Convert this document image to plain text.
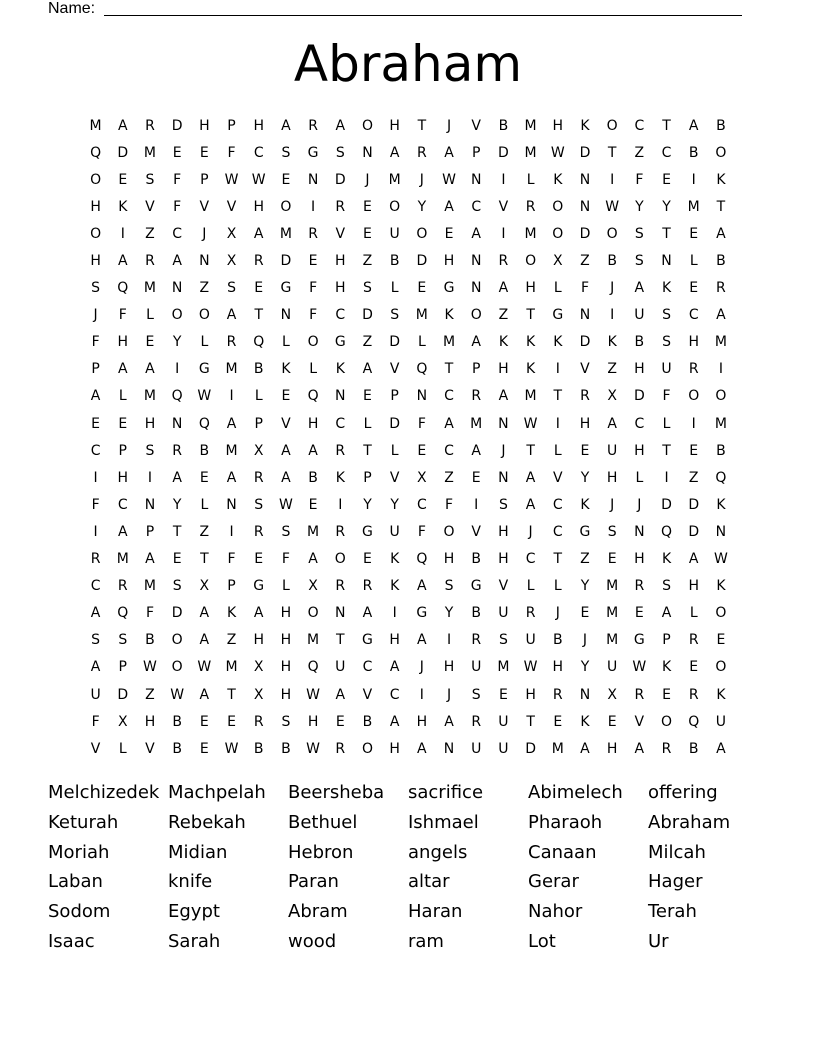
Name:
Abraham
M	A	R	D	H	P	H	A	R	A	O	H	T	J	V	B	M	H	K	O	C	T	A	B
Q	D	M	E	E	F	C	S	G	S	N	A	R	A	P	D	M	W	D	T	Z	C	B	O
O	E	S	F	P	W W	E	N	D	J	M	J	W	N	I	L	K	N	I	F	E	I	K
H	K	V	F	V	V	H	O	I	R	E	O	Y	A	C	V	R	O	N	W	Y	Y	M	T
O	I	Z	C	J	X	A	M	R	V	E	U	O	E	A	I	M	O	D	O	S	T	E	A
H	A	R	A	N	X	R	D	E	H	Z	B	D	H	N	R	O	X	Z	B	S	N	L	B
S	Q	M	N	Z	S	E	G	F	H	S	L	E	G	N	A	H	L	F	J	A	K	E	R
J	F	L	O	O	A	T	N	F	C	D	S	M	K	O	Z	T	G	N	I	U	S	C	A
F	H	E	Y	L	R	Q	L	O	G	Z	D	L	M	A	K	K	K	D	K	B	S	H	M
P	A	A	I	G	M	B	K	L	K	A	V	Q	T	P	H	K	I	V	Z	H	U	R	I
A	L	M	Q	W	I	L	E	Q	N	E	P	N	C	R	A	M	T	R	X	D	F	O	O
E	E	H	N	Q	A	P	V	H	C	L	D	F	A	M	N	W	I	H	A	C	L	I	M
C	P	S	R	B	M	X	A	A	R	T	L	E	C	A	J	T	L	E	U	H	T	E	B
I	H	I	A	E	A	R	A	B	K	P	V	X	Z	E	N	A	V	Y	H	L	I	Z	Q
F	C	N	Y	L	N	S	W	E	I	Y	Y	C	F	I	S	A	C	K	J	J	D	D	K
I	A	P	T	Z	I	R	S	M	R	G	U	F	O	V	H	J	C	G	S	N	Q	D	N
R	M	A	E	T	F	E	F	A	O	E	K	Q	H	B	H	C	T	Z	E	H	K	A	W
C	R	M	S	X	P	G	L	X	R	R	K	A	S	G	V	L	L	Y	M	R	S	H	K
A	Q	F	D	A	K	A	H	O	N	A	I	G	Y	B	U	R	J	E	M	E	A	L	O
S	S	B	O	A	Z	H	H	M	T	G	H	A	I	R	S	U	B	J	M	G	P	R	E
A	P	W	O	W	M	X	H	Q	U	C	A	J	H	U	M	W	H	Y	U	W	K	E	O
U	D	Z	W	A	T	X	H	W	A	V	C	I	J	S	E	H	R	N	X	R	E	R	K
F	X	H	B	E	E	R	S	H	E	B	A	H	A	R	U	T	E	K	E	V	O	Q	U
V	L	V	B	E	W	B	B	W	R	O	H	A	N	U	U	D	M	A	H	A	R	B	A
Melchizedek Machpelah	Beersheba	sacrifice	Abimelech	offering
Keturah	Rebekah	Bethuel	Ishmael	Pharaoh	Abraham
Moriah	Midian	Hebron	angels	Canaan	Milcah
Laban	knife	Paran	altar	Gerar	Hager
Sodom	Egypt	Abram	Haran	Nahor	Terah
Isaac	Sarah	wood	ram	Lot	Ur
